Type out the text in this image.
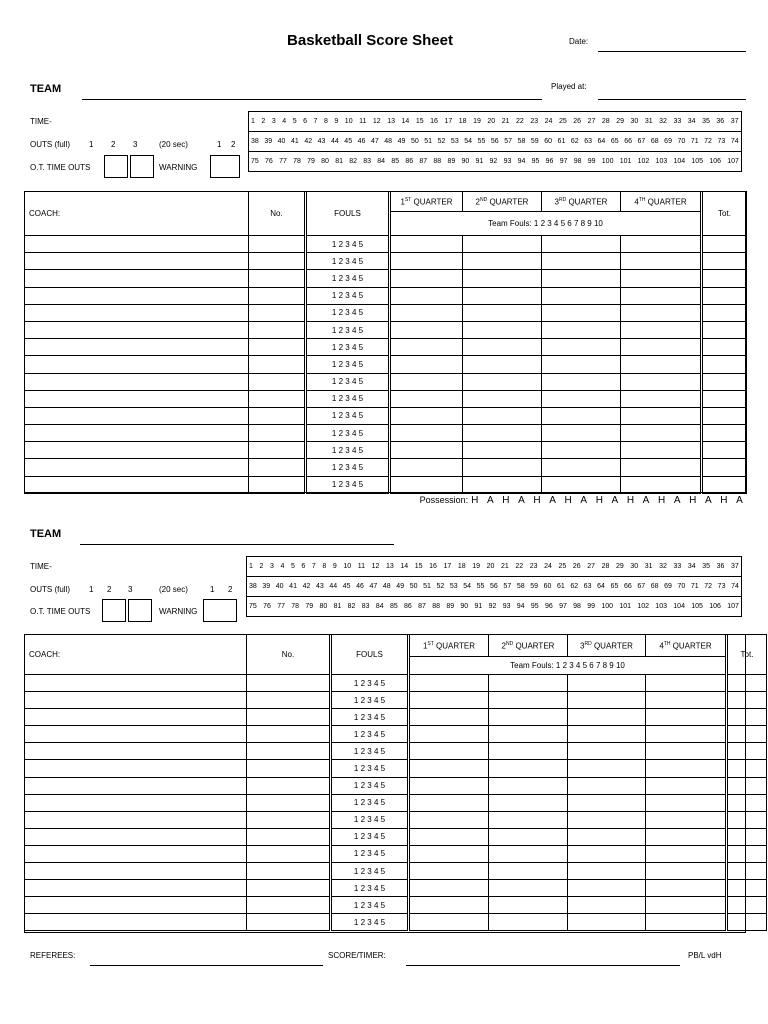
Basketball Score Sheet	Date:
TEAM	Played at:
TIME-
OUTS (full) 1 2 3	(20 sec)	1 2
O.T. TIME OUTS	WARNING
1 2 3 4 5 6 7 8 9 10 11 12 13 14 15 16 17 18 19 20 21 22 23 24 25 26 27 28 29 30 31 32 33 34 35 36 37

38 39 40 41 42 43 44 45 46 47 48 49 50 51 52 53 54 55 56 57 58 59 60 61 62 63 64 65 66 67 68 69 70 71 72 73 74

75 76 77 78 79 80 81 82 83 84 85 86 87 88 89 90 91 92 93 94 95 96 97 98 99 100 101 102 103 104 105 106 107
COACH:	No.	FOULS	1ST QUARTER	2ND QUARTER	3RD QUARTER	4TH QUARTER	Tot.
			Team Fouls: 1 2 3 4 5 6 7 8 9 10				
		1 2 3 4 5					
		1 2 3 4 5					
		1 2 3 4 5					
		1 2 3 4 5					
		1 2 3 4 5					
		1 2 3 4 5					
		1 2 3 4 5					
		1 2 3 4 5					
		1 2 3 4 5					
		1 2 3 4 5					
		1 2 3 4 5					
		1 2 3 4 5					
		1 2 3 4 5					
		1 2 3 4 5					
		1 2 3 4 5					
Possession: H A H A H A H A H A H A H A H A H A
TEAM
TIME-
OUTS (full) 1 2 3	(20 sec)	1 2
O.T. TIME OUTS	WARNING
1 2 3 4 5 6 7 8 9 10 11 12 13 14 15 16 17 18 19 20 21 22 23 24 25 26 27 28 29 30 31 32 33 34 35 36 37

38 39 40 41 42 43 44 45 46 47 48 49 50 51 52 53 54 55 56 57 58 59 60 61 62 63 64 65 66 67 68 69 70 71 72 73 74

75 76 77 78 79 80 81 82 83 84 85 86 87 88 89 90 91 92 93 94 95 96 97 98 99 100 101 102 103 104 105 106 107
COACH:	No.	FOULS	1ST QUARTER	2ND QUARTER	3RD QUARTER	4TH QUARTER	Tot.
			Team Fouls: 1 2 3 4 5 6 7 8 9 10				
		1 2 3 4 5					
		1 2 3 4 5					
		1 2 3 4 5					
		1 2 3 4 5					
		1 2 3 4 5					
		1 2 3 4 5					
		1 2 3 4 5					
		1 2 3 4 5					
		1 2 3 4 5					
		1 2 3 4 5					
		1 2 3 4 5					
		1 2 3 4 5					
		1 2 3 4 5					
		1 2 3 4 5					
		1 2 3 4 5					
REFEREES:	SCORE/TIMER:	PB/L vdH
